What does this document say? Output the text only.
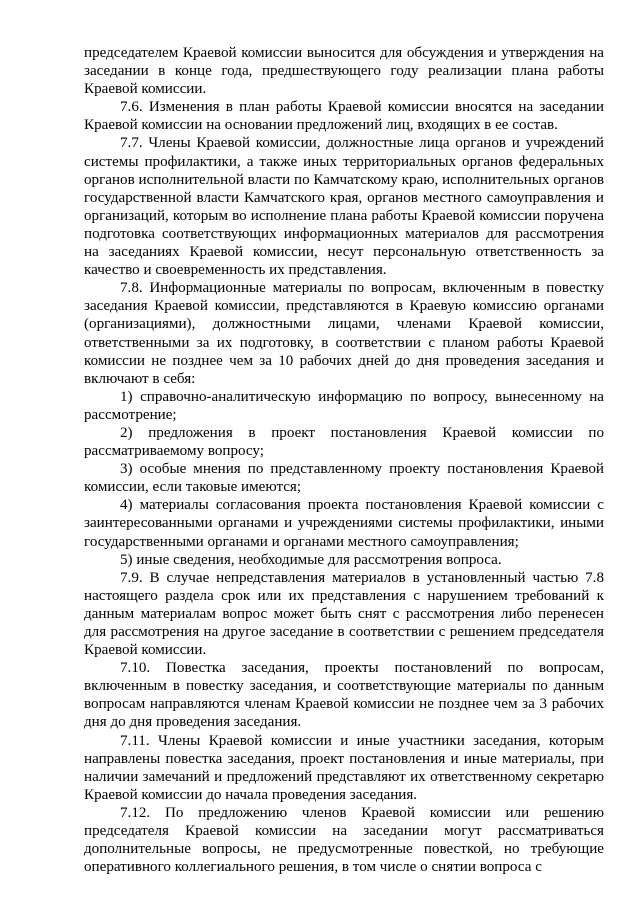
председателем Краевой комиссии выносится для обсуждения и утверждения на заседании в конце года, предшествующего году реализации плана работы Краевой комиссии.

7.6. Изменения в план работы Краевой комиссии вносятся на заседании Краевой комиссии на основании предложений лиц, входящих в ее состав.

7.7. Члены Краевой комиссии, должностные лица органов и учреждений системы профилактики, а также иных территориальных органов федеральных органов исполнительной власти по Камчатскому краю, исполнительных органов государственной власти Камчатского края, органов местного самоуправления и организаций, которым во исполнение плана работы Краевой комиссии поручена подготовка соответствующих информационных материалов для рассмотрения на заседаниях Краевой комиссии, несут персональную ответственность за качество и своевременность их представления.

7.8. Информационные материалы по вопросам, включенным в повестку заседания Краевой комиссии, представляются в Краевую комиссию органами (организациями), должностными лицами, членами Краевой комиссии, ответственными за их подготовку, в соответствии с планом работы Краевой комиссии не позднее чем за 10 рабочих дней до дня проведения заседания и включают в себя:

1) справочно-аналитическую информацию по вопросу, вынесенному на рассмотрение;

2) предложения в проект постановления Краевой комиссии по рассматриваемому вопросу;

3) особые мнения по представленному проекту постановления Краевой комиссии, если таковые имеются;

4) материалы согласования проекта постановления Краевой комиссии с заинтересованными органами и учреждениями системы профилактики, иными государственными органами и органами местного самоуправления;

5) иные сведения, необходимые для рассмотрения вопроса.

7.9. В случае непредставления материалов в установленный частью 7.8 настоящего раздела срок или их представления с нарушением требований к данным материалам вопрос может быть снят с рассмотрения либо перенесен для рассмотрения на другое заседание в соответствии с решением председателя Краевой комиссии.

7.10. Повестка заседания, проекты постановлений по вопросам, включенным в повестку заседания, и соответствующие материалы по данным вопросам направляются членам Краевой комиссии не позднее чем за 3 рабочих дня до дня проведения заседания.

7.11. Члены Краевой комиссии и иные участники заседания, которым направлены повестка заседания, проект постановления и иные материалы, при наличии замечаний и предложений представляют их ответственному секретарю Краевой комиссии до начала проведения заседания.

7.12. По предложению членов Краевой комиссии или решению председателя Краевой комиссии на заседании могут рассматриваться дополнительные вопросы, не предусмотренные повесткой, но требующие оперативного коллегиального решения, в том числе о снятии вопроса с
